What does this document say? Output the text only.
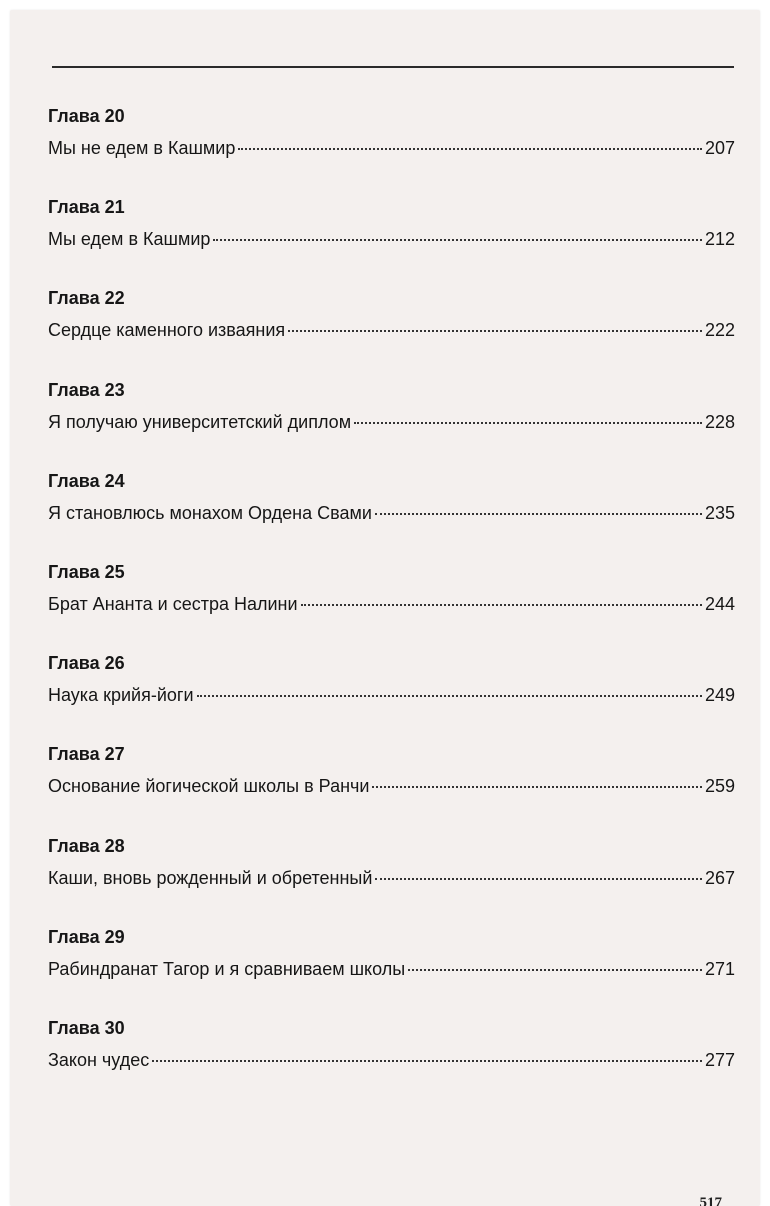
Глава 20
Мы не едем в Кашмир	207
Глава 21
Мы едем в Кашмир	212
Глава 22
Сердце каменного изваяния	222
Глава 23
Я получаю университетский диплом	228
Глава 24
Я становлюсь монахом Ордена Свами	235
Глава 25
Брат Ананта и сестра Налини	244
Глава 26
Наука крийя-йоги	249
Глава 27
Основание йогической школы в Ранчи	259
Глава 28
Каши, вновь рожденный и обретенный	267
Глава 29
Рабиндранат Тагор и я сравниваем школы	271
Глава 30
Закон чудес	277
517
